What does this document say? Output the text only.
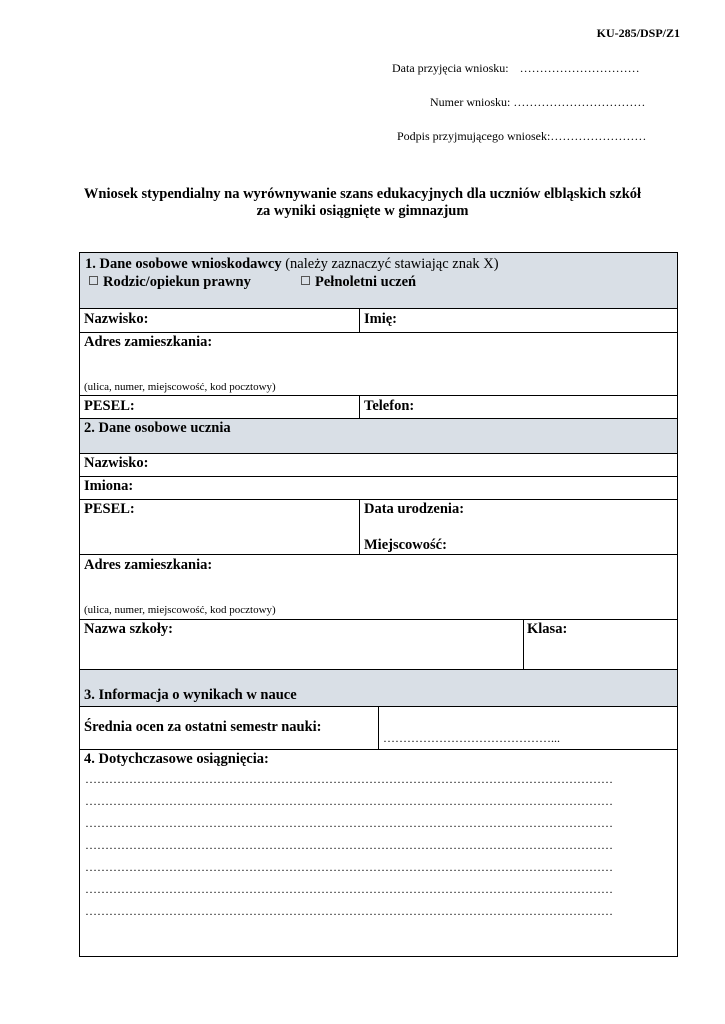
KU-285/DSP/Z1
Data przyjęcia wniosku: …………………………
Numer wniosku: ……………………………
Podpis przyjmującego wniosek:……………………
Wniosek stypendialny na wyrównywanie szans edukacyjnych dla uczniów elbląskich szkół
za wyniki osiągnięte w gimnazjum
1. Dane osobowe wnioskodawcy (należy zaznaczyć stawiając znak X)
Rodzic/opiekun prawny	Pełnoletni uczeń
Nazwisko:	Imię:
Adres zamieszkania:
(ulica, numer, miejscowość, kod pocztowy)
PESEL:	Telefon:
2. Dane osobowe ucznia
Nazwisko:
Imiona:
PESEL:	Data urodzenia:
Miejscowość:
Adres zamieszkania:
(ulica, numer, miejscowość, kod pocztowy)
Nazwa szkoły:	Klasa:
3. Informacja o wynikach w nauce
Średnia ocen za ostatni semestr nauki:
……………………………………...
4. Dotychczasowe osiągnięcia:
……………………………………………………………………………………………………………………
……………………………………………………………………………………………………………………
……………………………………………………………………………………………………………………
……………………………………………………………………………………………………………………
……………………………………………………………………………………………………………………
……………………………………………………………………………………………………………………
……………………………………………………………………………………………………………………
